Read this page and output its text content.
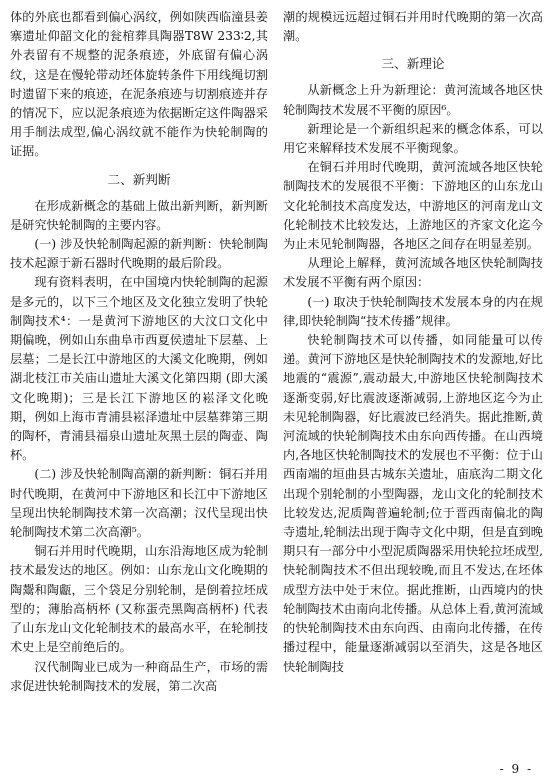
体的外底也都看到偏心涡纹，例如陕西临潼县姜寨遗址仰韶文化的瓮棺葬具陶器T8W 233∶2,其外表留有不规整的泥条痕迹，外底留有偏心涡纹，这是在慢轮带动坯体旋转条件下用线绳切割时遗留下来的痕迹，在泥条痕迹与切割痕迹并存的情况下，应以泥条痕迹为依据断定这件陶器采用手制法成型,偏心涡纹就不能作为快轮制陶的证据。

二、新判断

在形成新概念的基础上做出新判断，新判断是研究快轮制陶的主要内容。

(一) 涉及快轮制陶起源的新判断：快轮制陶技术起源于新石器时代晚期的最后阶段。

现有资料表明，在中国境内快轮制陶的起源是多元的，以下三个地区及文化独立发明了快轮制陶技术⁴：一是黄河下游地区的大汶口文化中期偏晚，例如山东曲阜市西夏侯遗址下层墓、上层墓；二是长江中游地区的大溪文化晚期，例如湖北枝江市关庙山遗址大溪文化第四期 (即大溪文化晚期)；三是长江下游地区的崧泽文化晚期，例如上海市青浦县崧泽遗址中层墓葬第三期的陶杯，青浦县福泉山遗址灰黑土层的陶壶、陶杯。

(二) 涉及快轮制陶高潮的新判断：铜石并用时代晚期，在黄河中下游地区和长江中下游地区呈现出快轮制陶技术第一次高潮；汉代呈现出快轮制陶技术第二次高潮⁵。

铜石并用时代晚期，山东沿海地区成为轮制技术最发达的地区。例如：山东龙山文化晚期的陶鬶和陶甗，三个袋足分别轮制，是倒着拉坯成型的；薄胎高柄杯 (又称蛋壳黑陶高柄杯) 代表了山东龙山文化轮制技术的最高水平，在轮制技术史上是空前绝后的。

汉代制陶业已成为一种商品生产，市场的需求促进快轮制陶技术的发展，第二次高

潮的规模远远超过铜石并用时代晚期的第一次高潮。

三、新理论

从新概念上升为新理论：黄河流域各地区快轮制陶技术发展不平衡的原因⁶。

新理论是一个新组织起来的概念体系，可以用它来解释技术发展不平衡现象。

在铜石并用时代晚期，黄河流域各地区快轮制陶技术的发展很不平衡：下游地区的山东龙山文化轮制技术高度发达，中游地区的河南龙山文化轮制技术比较发达，上游地区的齐家文化迄今为止未见轮制陶器，各地区之间存在明显差别。

从理论上解释，黄河流域各地区快轮制陶技术发展不平衡有两个原因：

(一) 取决于快轮制陶技术发展本身的内在规律,即快轮制陶“技术传播”规律。

快轮制陶技术可以传播，如同能量可以传递。黄河下游地区是快轮制陶技术的发源地,好比地震的“震源”,震动最大,中游地区快轮制陶技术逐渐变弱,好比震波逐渐减弱,上游地区迄今为止未见轮制陶器，好比震波已经消失。据此推断,黄河流域的快轮制陶技术由东向西传播。在山西境内,各地区快轮制陶技术的发展也不平衡：位于山西南端的垣曲县古城东关遗址，庙底沟二期文化出现个别轮制的小型陶器，龙山文化的轮制技术比较发达,泥质陶普遍轮制;位于晋西南偏北的陶寺遗址,轮制法出现于陶寺文化中期，但是直到晚期只有一部分中小型泥质陶器采用快轮拉坯成型,快轮制陶技术不但出现较晚,而且不发达,在坯体成型方法中处于末位。据此推断，山西境内的快轮制陶技术由南向北传播。从总体上看,黄河流域的快轮制陶技术由东向西、由南向北传播，在传播过程中，能量逐渐减弱以至消失，这是各地区快轮制陶技

- 9 -
